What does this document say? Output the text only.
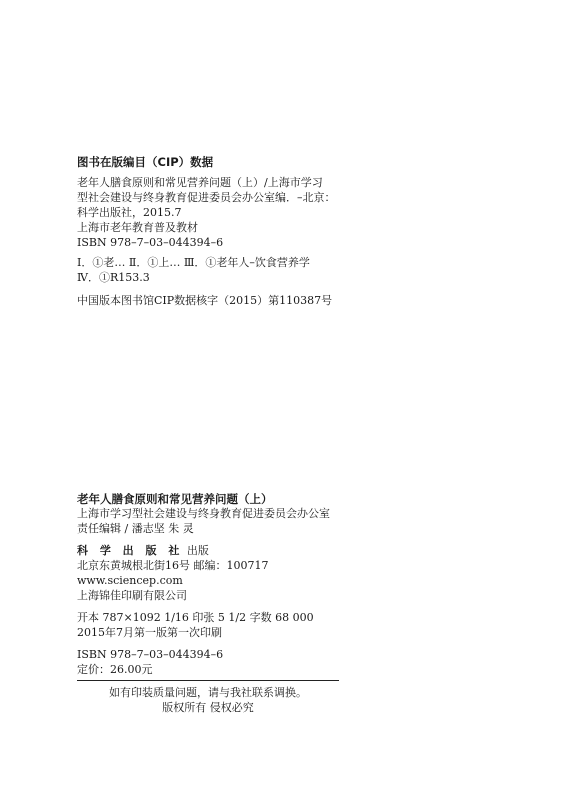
图书在版编目（CIP）数据
老年人膳食原则和常见营养问题（上）/上海市学习
型社会建设与终身教育促进委员会办公室编．–北京：
科学出版社，2015.7
上海市老年教育普及教材
ISBN 978–7–03–044394–6
Ⅰ．①老… Ⅱ．①上… Ⅲ．①老年人–饮食营养学
Ⅳ．①R153.3
中国版本图书馆CIP数据核字（2015）第110387号
老年人膳食原则和常见营养问题（上）
上海市学习型社会建设与终身教育促进委员会办公室
责任编辑 / 潘志坚 朱 灵
科 学 出 版 社 出版
北京东黄城根北街16号 邮编：100717
www.sciencep.com
上海锦佳印刷有限公司
开本 787×1092 1/16 印张 5 1/2 字数 68 000
2015年7月第一版第一次印刷
ISBN 978–7–03–044394–6
定价：26.00元
如有印装质量问题，请与我社联系调换。
版权所有 侵权必究
